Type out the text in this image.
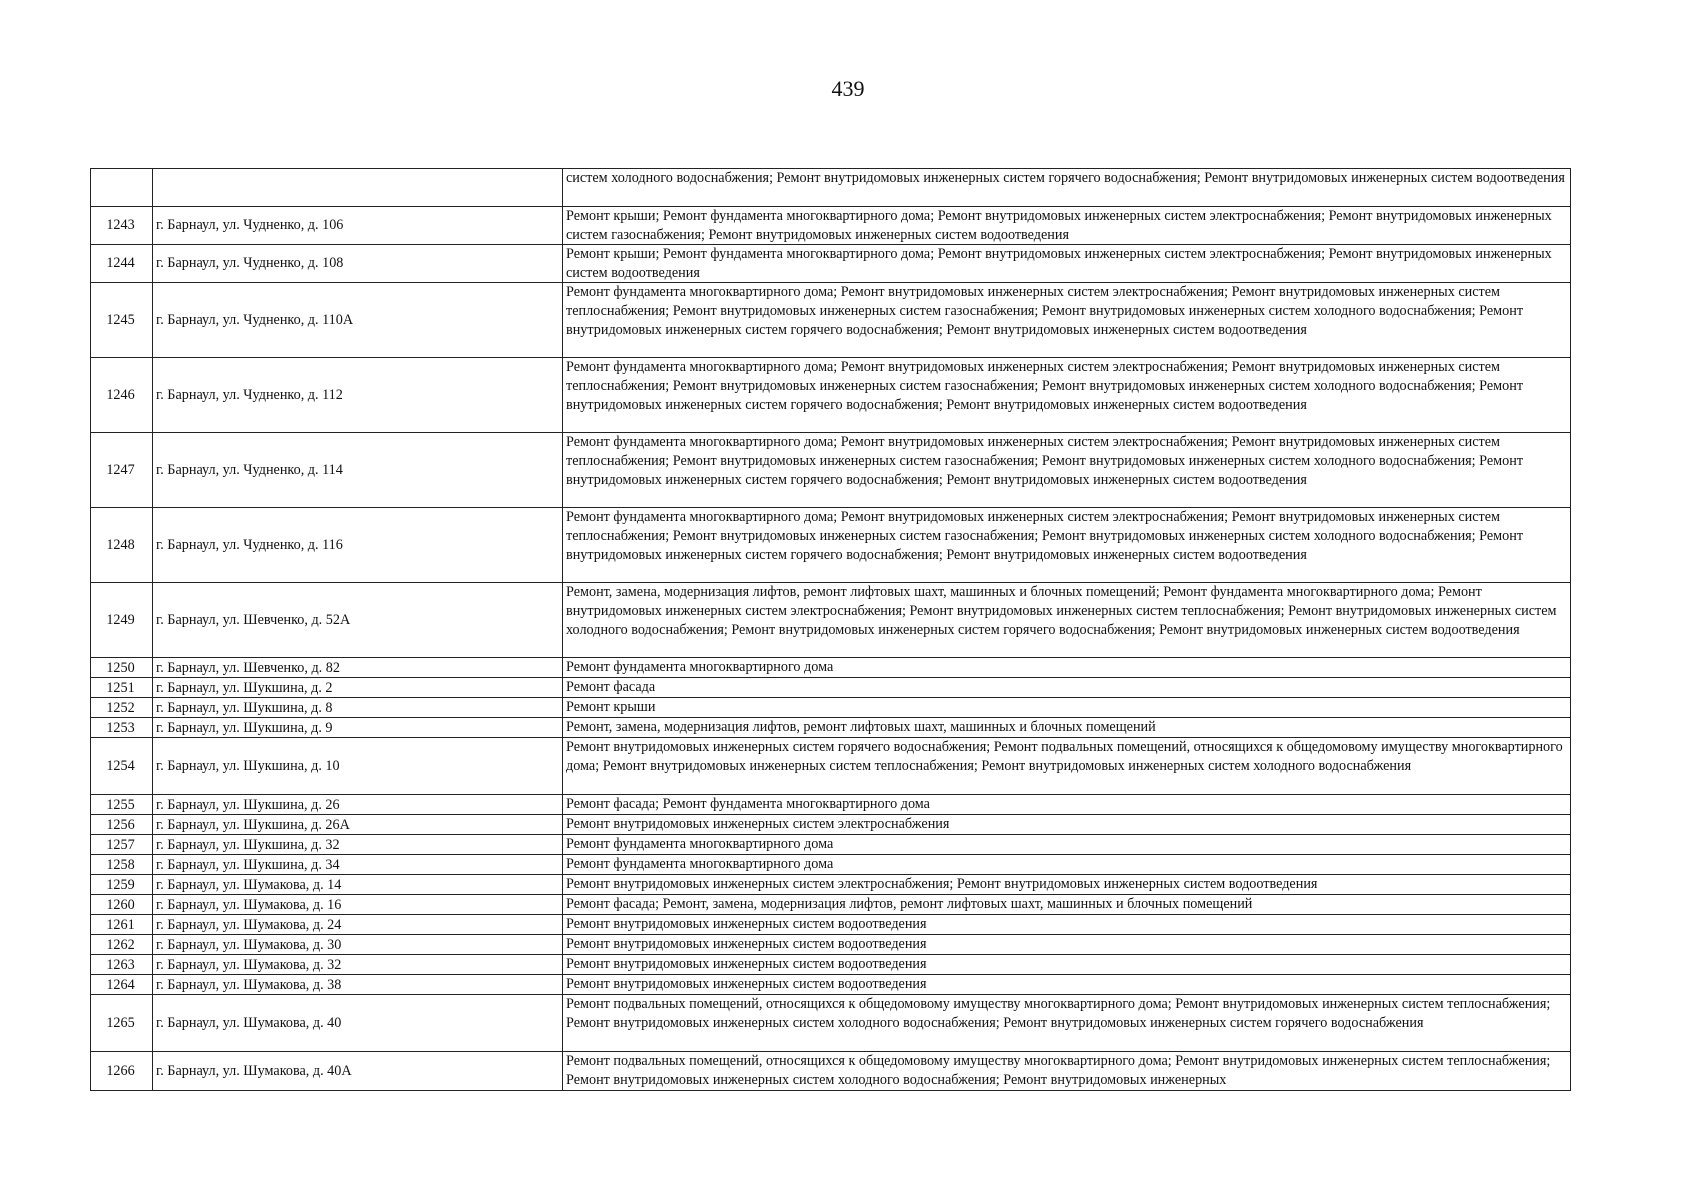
439
		систем холодного водоснабжения; Ремонт внутридомовых инженерных систем горячего водоснабжения; Ремонт внутридомовых инженерных систем водоотведения
1243	г. Барнаул, ул. Чудненко, д. 106	Ремонт крыши; Ремонт фундамента многоквартирного дома; Ремонт внутридомовых инженерных систем электроснабжения; Ремонт внутридомовых инженерных систем газоснабжения; Ремонт внутридомовых инженерных систем водоотведения
1244	г. Барнаул, ул. Чудненко, д. 108	Ремонт крыши; Ремонт фундамента многоквартирного дома; Ремонт внутридомовых инженерных систем электроснабжения; Ремонт внутридомовых инженерных систем водоотведения
1245	г. Барнаул, ул. Чудненко, д. 110А	Ремонт фундамента многоквартирного дома; Ремонт внутридомовых инженерных систем электроснабжения; Ремонт внутридомовых инженерных систем теплоснабжения; Ремонт внутридомовых инженерных систем газоснабжения; Ремонт внутридомовых инженерных систем холодного водоснабжения; Ремонт внутридомовых инженерных систем горячего водоснабжения; Ремонт внутридомовых инженерных систем водоотведения
1246	г. Барнаул, ул. Чудненко, д. 112	Ремонт фундамента многоквартирного дома; Ремонт внутридомовых инженерных систем электроснабжения; Ремонт внутридомовых инженерных систем теплоснабжения; Ремонт внутридомовых инженерных систем газоснабжения; Ремонт внутридомовых инженерных систем холодного водоснабжения; Ремонт внутридомовых инженерных систем горячего водоснабжения; Ремонт внутридомовых инженерных систем водоотведения
1247	г. Барнаул, ул. Чудненко, д. 114	Ремонт фундамента многоквартирного дома; Ремонт внутридомовых инженерных систем электроснабжения; Ремонт внутридомовых инженерных систем теплоснабжения; Ремонт внутридомовых инженерных систем газоснабжения; Ремонт внутридомовых инженерных систем холодного водоснабжения; Ремонт внутридомовых инженерных систем горячего водоснабжения; Ремонт внутридомовых инженерных систем водоотведения
1248	г. Барнаул, ул. Чудненко, д. 116	Ремонт фундамента многоквартирного дома; Ремонт внутридомовых инженерных систем электроснабжения; Ремонт внутридомовых инженерных систем теплоснабжения; Ремонт внутридомовых инженерных систем газоснабжения; Ремонт внутридомовых инженерных систем холодного водоснабжения; Ремонт внутридомовых инженерных систем горячего водоснабжения; Ремонт внутридомовых инженерных систем водоотведения
1249	г. Барнаул, ул. Шевченко, д. 52А	Ремонт, замена, модернизация лифтов, ремонт лифтовых шахт, машинных и блочных помещений; Ремонт фундамента многоквартирного дома; Ремонт внутридомовых инженерных систем электроснабжения; Ремонт внутридомовых инженерных систем теплоснабжения; Ремонт внутридомовых инженерных систем холодного водоснабжения; Ремонт внутридомовых инженерных систем горячего водоснабжения; Ремонт внутридомовых инженерных систем водоотведения
1250	г. Барнаул, ул. Шевченко, д. 82	Ремонт фундамента многоквартирного дома
1251	г. Барнаул, ул. Шукшина, д. 2	Ремонт фасада
1252	г. Барнаул, ул. Шукшина, д. 8	Ремонт крыши
1253	г. Барнаул, ул. Шукшина, д. 9	Ремонт, замена, модернизация лифтов, ремонт лифтовых шахт, машинных и блочных помещений
1254	г. Барнаул, ул. Шукшина, д. 10	Ремонт внутридомовых инженерных систем горячего водоснабжения; Ремонт подвальных помещений, относящихся к общедомовому имуществу многоквартирного дома; Ремонт внутридомовых инженерных систем теплоснабжения; Ремонт внутридомовых инженерных систем холодного водоснабжения
1255	г. Барнаул, ул. Шукшина, д. 26	Ремонт фасада; Ремонт фундамента многоквартирного дома
1256	г. Барнаул, ул. Шукшина, д. 26А	Ремонт внутридомовых инженерных систем электроснабжения
1257	г. Барнаул, ул. Шукшина, д. 32	Ремонт фундамента многоквартирного дома
1258	г. Барнаул, ул. Шукшина, д. 34	Ремонт фундамента многоквартирного дома
1259	г. Барнаул, ул. Шумакова, д. 14	Ремонт внутридомовых инженерных систем электроснабжения; Ремонт внутридомовых инженерных систем водоотведения
1260	г. Барнаул, ул. Шумакова, д. 16	Ремонт фасада; Ремонт, замена, модернизация лифтов, ремонт лифтовых шахт, машинных и блочных помещений
1261	г. Барнаул, ул. Шумакова, д. 24	Ремонт внутридомовых инженерных систем водоотведения
1262	г. Барнаул, ул. Шумакова, д. 30	Ремонт внутридомовых инженерных систем водоотведения
1263	г. Барнаул, ул. Шумакова, д. 32	Ремонт внутридомовых инженерных систем водоотведения
1264	г. Барнаул, ул. Шумакова, д. 38	Ремонт внутридомовых инженерных систем водоотведения
1265	г. Барнаул, ул. Шумакова, д. 40	Ремонт подвальных помещений, относящихся к общедомовому имуществу многоквартирного дома; Ремонт внутридомовых инженерных систем теплоснабжения; Ремонт внутридомовых инженерных систем холодного водоснабжения; Ремонт внутридомовых инженерных систем горячего водоснабжения
1266	г. Барнаул, ул. Шумакова, д. 40А	Ремонт подвальных помещений, относящихся к общедомовому имуществу многоквартирного дома; Ремонт внутридомовых инженерных систем теплоснабжения; Ремонт внутридомовых инженерных систем холодного водоснабжения; Ремонт внутридомовых инженерных
